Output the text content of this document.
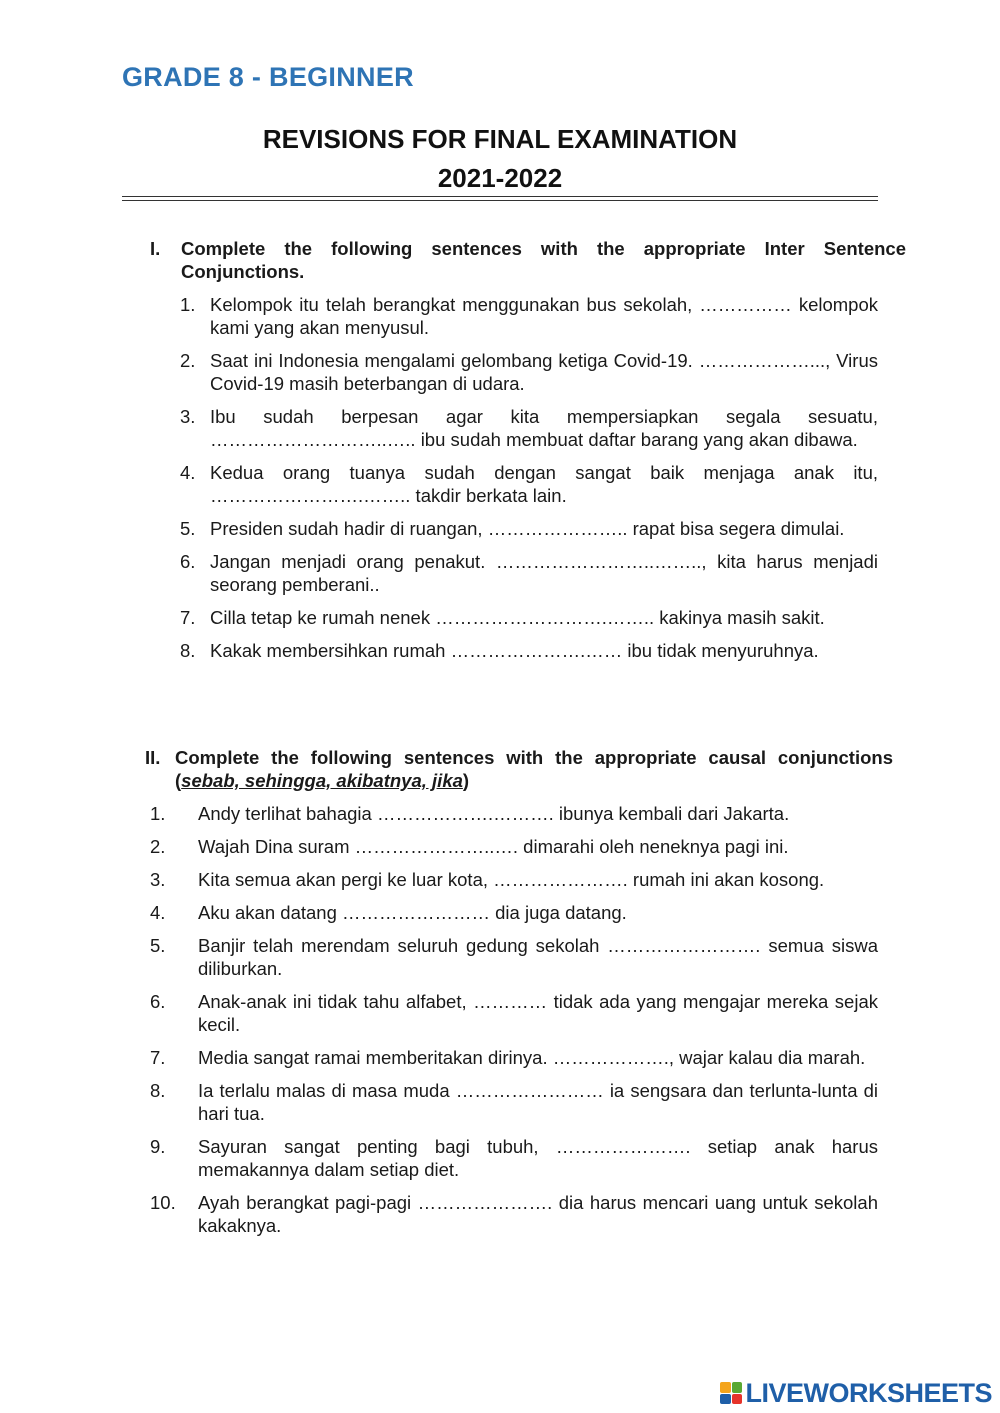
GRADE 8 - BEGINNER
REVISIONS FOR FINAL EXAMINATION
2021-2022
I. Complete the following sentences with the appropriate Inter Sentence Conjunctions.
1. Kelompok itu telah berangkat menggunakan bus sekolah, …………… kelompok kami yang akan menyusul.
2. Saat ini Indonesia mengalami gelombang ketiga Covid-19. ………………..., Virus Covid-19 masih beterbangan di udara.
3. Ibu sudah berpesan agar kita mempersiapkan segala sesuatu, ………………………..….. ibu sudah membuat daftar barang yang akan dibawa.
4. Kedua orang tuanya sudah dengan sangat baik menjaga anak itu, …………………….…….. takdir berkata lain.
5. Presiden sudah hadir di ruangan, ………………….. rapat bisa segera dimulai.
6. Jangan menjadi orang penakut. ……………………..…….., kita harus menjadi seorang pemberani..
7. Cilla tetap ke rumah nenek ……………………….…….. kakinya masih sakit.
8. Kakak membersihkan rumah ………………….…… ibu tidak menyuruhnya.
II. Complete the following sentences with the appropriate causal conjunctions (sebab, sehingga, akibatnya, jika)
1.	Andy terlihat bahagia ……………….………. ibunya kembali dari Jakarta.
2.	Wajah Dina suram …………………..…. dimarahi oleh neneknya pagi ini.
3.	Kita semua akan pergi ke luar kota, …………………. rumah ini akan kosong.
4.	Aku akan datang …………………… dia juga datang.
5.	Banjir telah merendam seluruh gedung sekolah ……………………. semua siswa diliburkan.
6.	Anak-anak ini tidak tahu alfabet, ………… tidak ada yang mengajar mereka sejak kecil.
7.	Media sangat ramai memberitakan dirinya. ………………., wajar kalau dia marah.
8.	Ia terlalu malas di masa muda …………………… ia sengsara dan terlunta-lunta di hari tua.
9.	Sayuran sangat penting bagi tubuh, …………………. setiap anak harus memakannya dalam setiap diet.
10. Ayah berangkat pagi-pagi …………………. dia harus mencari uang untuk sekolah kakaknya.
LIVEWORKSHEETS
